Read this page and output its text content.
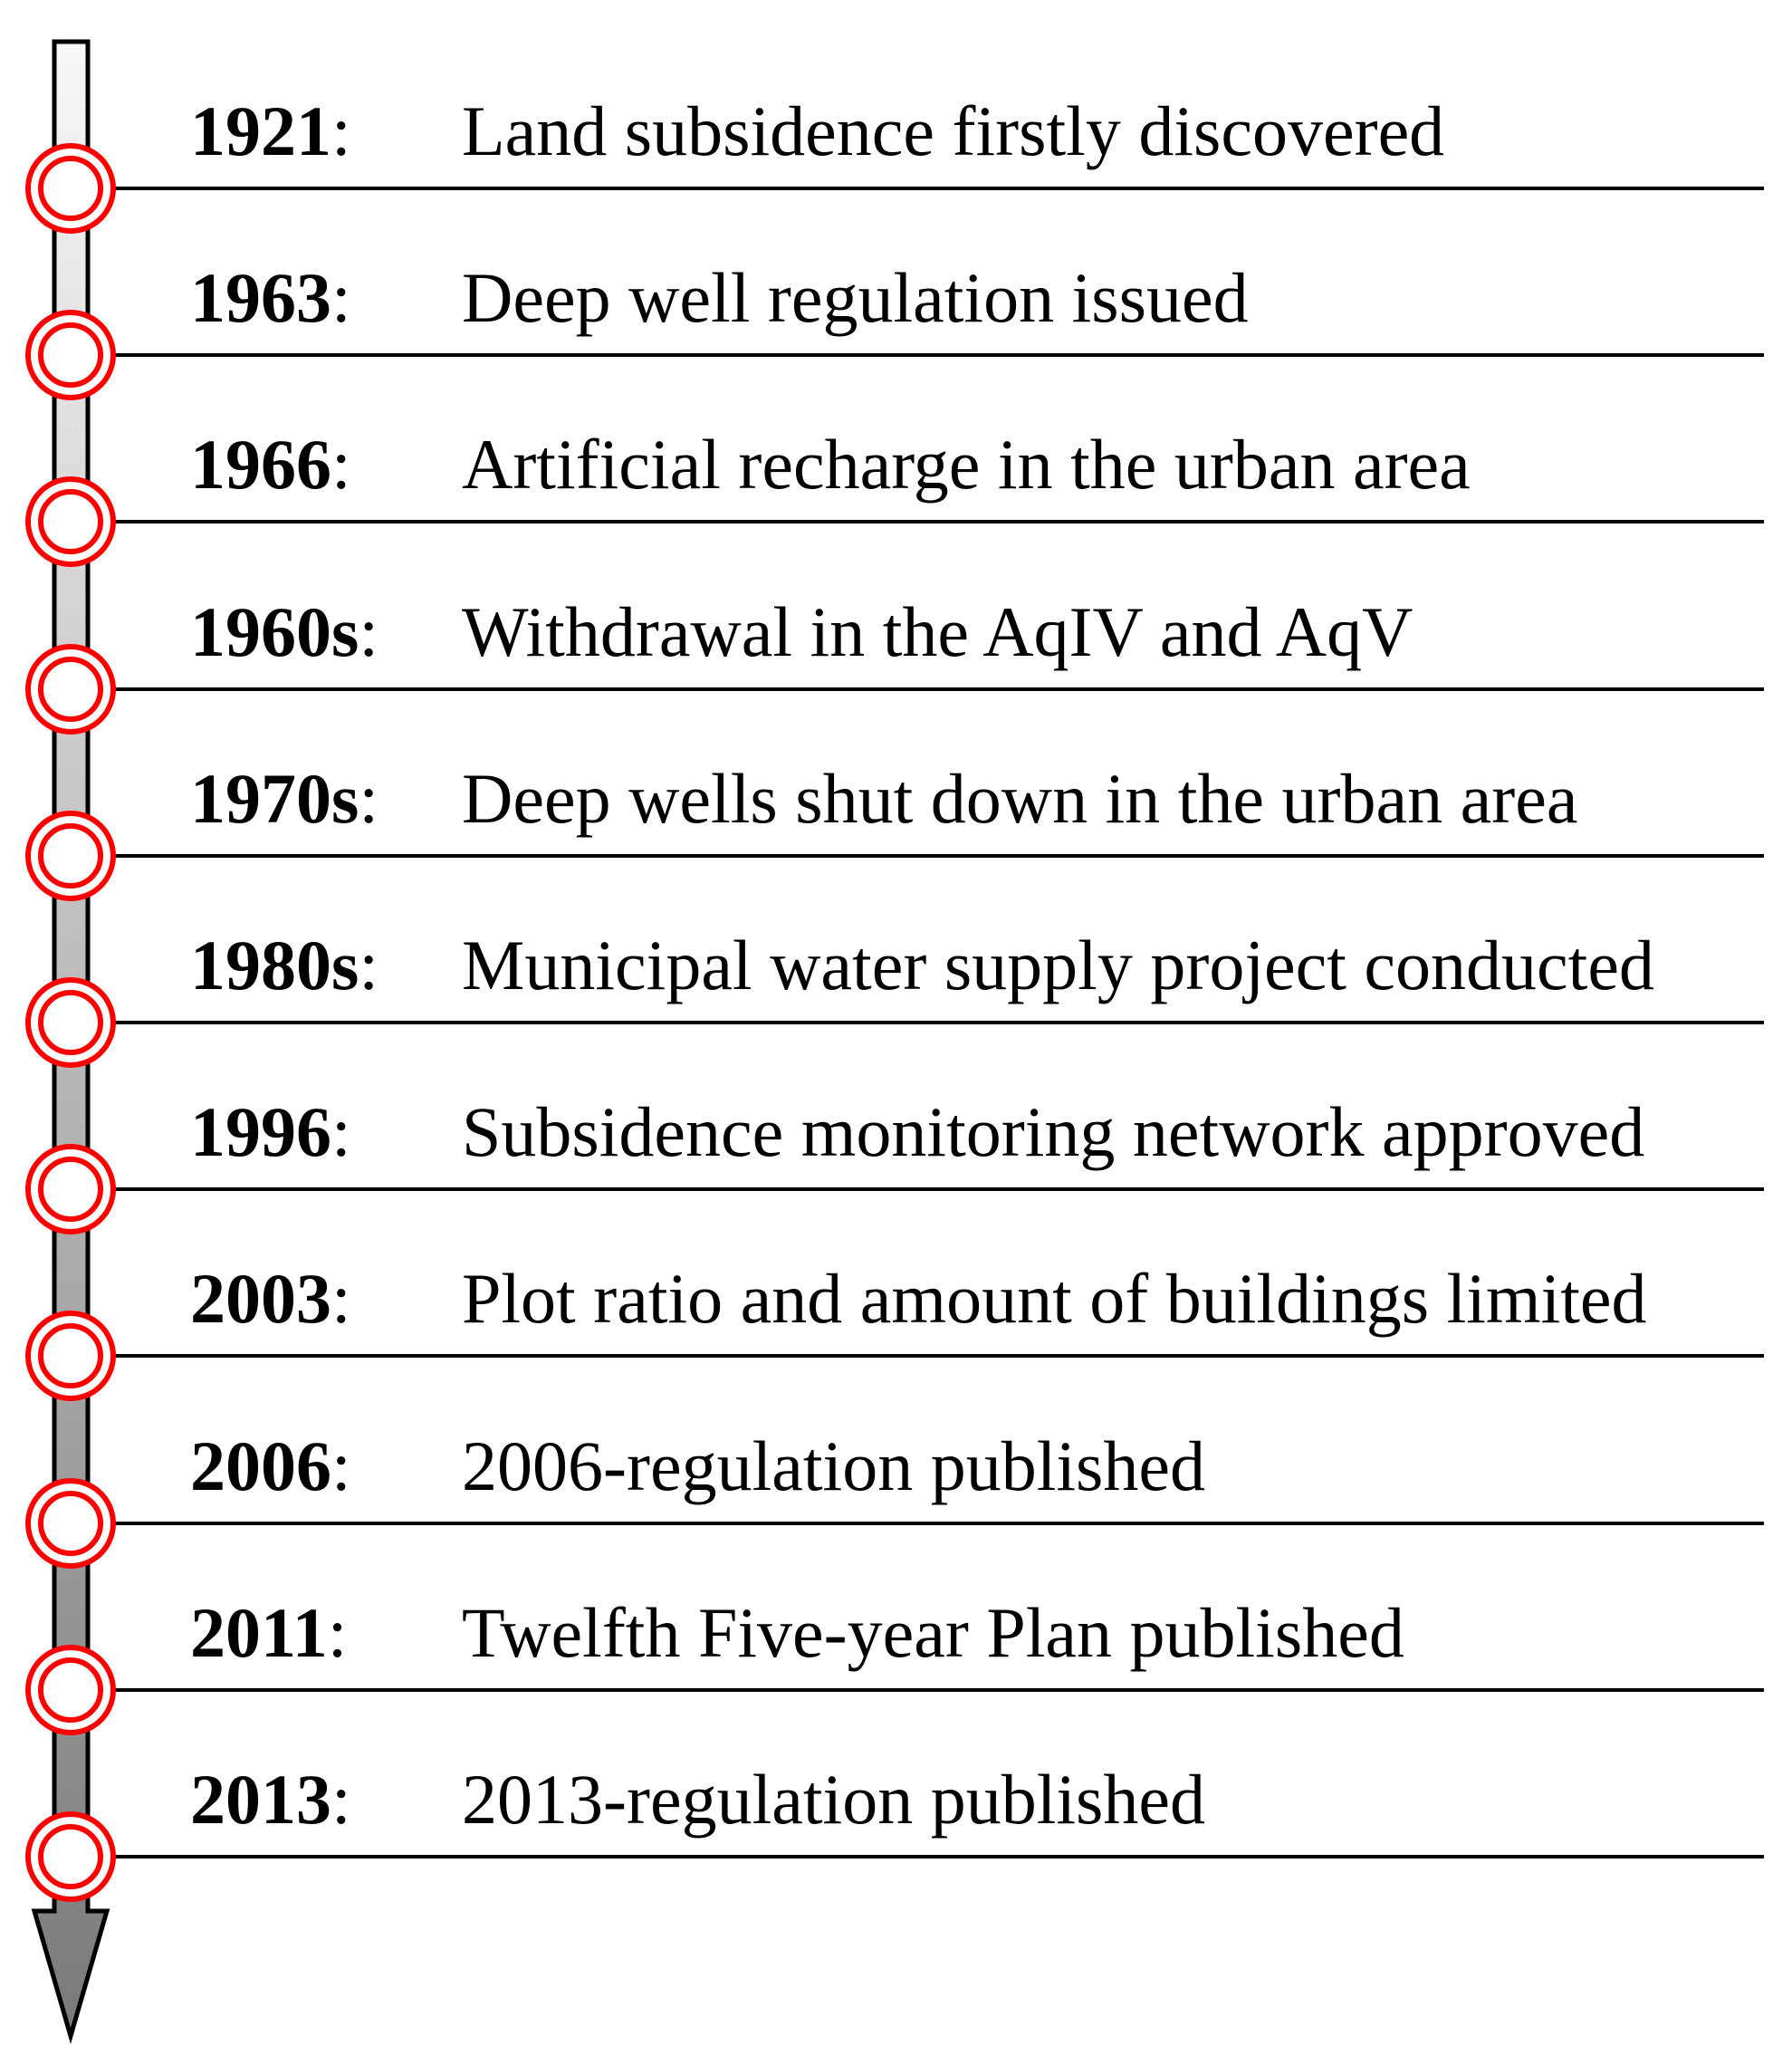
1921: Land subsidence firstly discovered
1963: Deep well regulation issued
1966: Artificial recharge in the urban area
1960s: Withdrawal in the AqIV and AqV
1970s: Deep wells shut down in the urban area
1980s: Municipal water supply project conducted
1996: Subsidence monitoring network approved
2003: Plot ratio and amount of buildings limited
2006: 2006-regulation published
2011: Twelfth Five-year Plan published
2013: 2013-regulation published
